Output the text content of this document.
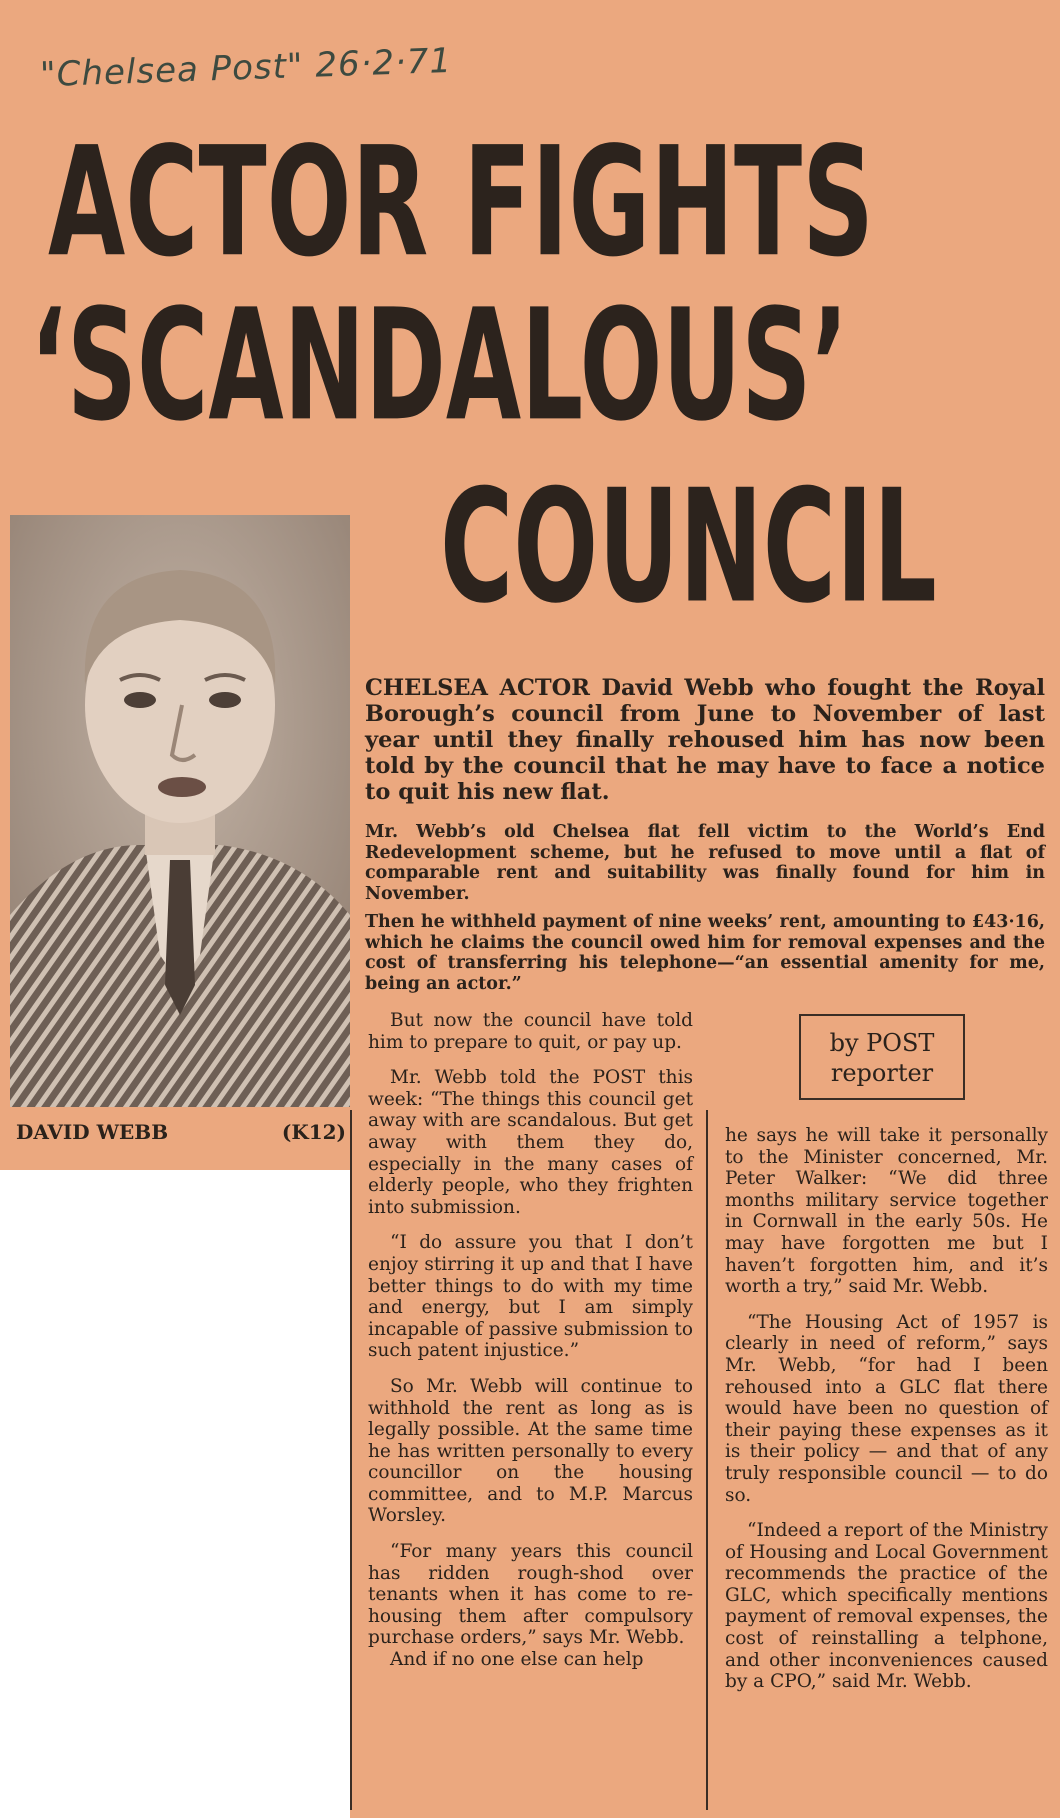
"Chelsea Post" 26·2·71
ACTOR FIGHTS
‘SCANDALOUS’
COUNCIL
DAVID WEBB	(K12)
CHELSEA ACTOR David Webb who fought the Royal Borough’s council from June to November of last year until they finally rehoused him has now been told by the council that he may have to face a notice to quit his new flat.
Mr. Webb’s old Chelsea flat fell victim to the World’s End Redevelopment scheme, but he refused to move until a flat of comparable rent and suitability was finally found for him in November.
Then he withheld payment of nine weeks’ rent, amounting to £43·16, which he claims the council owed him for removal expenses and the cost of transferring his telephone—“an essential amenity for me, being an actor.”
by POST
reporter

But now the council have told him to prepare to quit, or pay up.

Mr. Webb told the POST this week: “The things this council get away with are scandalous. But get away with them they do, especially in the many cases of elderly people, who they frighten into submission.

“I do assure you that I don’t enjoy stirring it up and that I have better things to do with my time and energy, but I am simply incapable of passive submission to such patent injustice.”

So Mr. Webb will continue to withhold the rent as long as is legally possible. At the same time he has written personally to every councillor on the housing committee, and to M.P. Marcus Worsley.

“For many years this council has ridden rough-shod over tenants when it has come to re-housing them after compulsory purchase orders,” says Mr. Webb.

And if no one else can help

he says he will take it personally to the Minister concerned, Mr. Peter Walker: “We did three months military service together in Cornwall in the early 50s. He may have forgotten me but I haven’t forgotten him, and it’s worth a try,” said Mr. Webb.

“The Housing Act of 1957 is clearly in need of reform,” says Mr. Webb, “for had I been rehoused into a GLC flat there would have been no question of their paying these expenses as it is their policy — and that of any truly responsible council — to do so.

“Indeed a report of the Ministry of Housing and Local Government recommends the practice of the GLC, which specifically mentions payment of removal expenses, the cost of reinstalling a telphone, and other inconveniences caused by a CPO,” said Mr. Webb.
